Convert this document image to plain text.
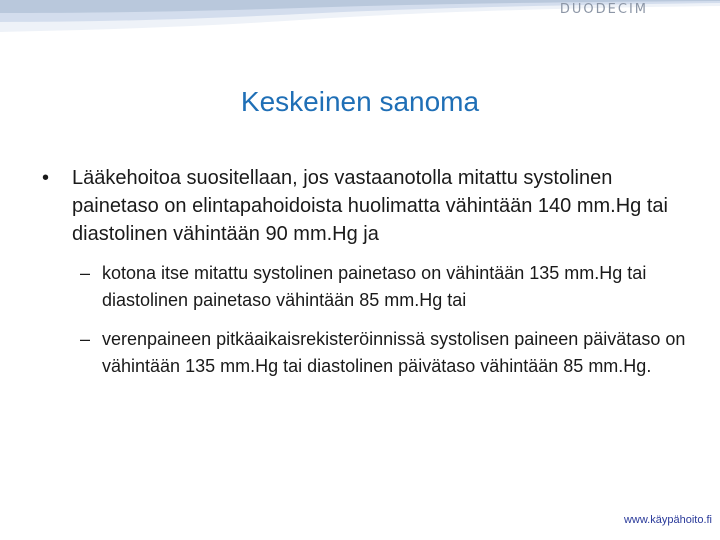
DUODECIM
Keskeinen sanoma
• Lääkehoitoa suositellaan, jos vastaanotolla mitattu systolinen painetaso on elintapahoidoista huolimatta vähintään 140 mm.Hg tai diastolinen vähintään 90 mm.Hg ja
– kotona itse mitattu systolinen painetaso on vähintään 135 mm.Hg tai diastolinen painetaso vähintään 85 mm.Hg tai
– verenpaineen pitkäaikaisrekisteröinnissä systolisen paineen päivätaso on vähintään 135 mm.Hg tai diastolinen päivätaso vähintään 85 mm.Hg.
www.käypähoito.fi
